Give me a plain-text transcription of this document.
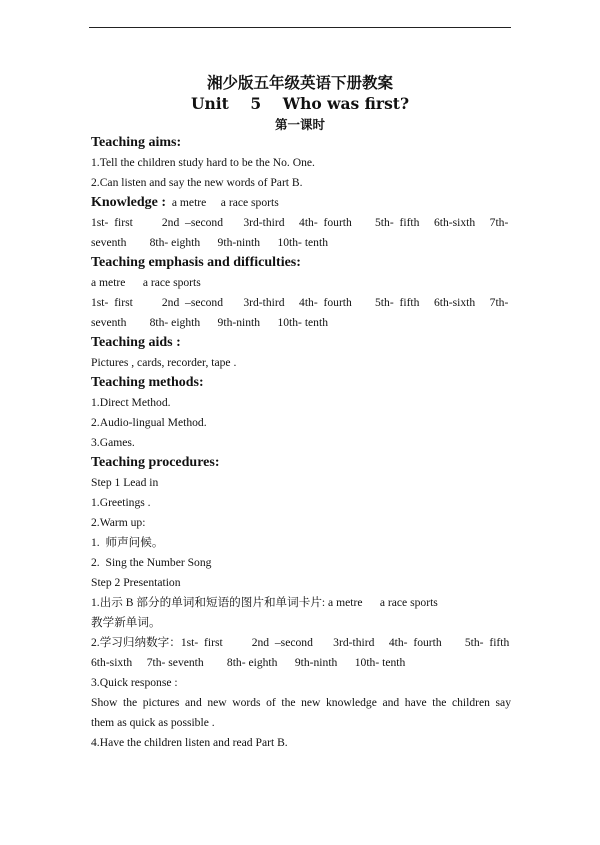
湘少版五年级英语下册教案
Unit    5    Who was first?
第一课时
Teaching aims:
1.Tell the children study hard to be the No. One.
2.Can listen and say the new words of Part B.
Knowledge :  a metre     a race sports
1st-  first          2nd  –second       3rd-third     4th-  fourth        5th-  fifth     6th-sixth     7th-
seventh        8th- eighth      9th-ninth      10th- tenth
Teaching emphasis and difficulties:
a metre      a race sports
1st-  first          2nd  –second       3rd-third     4th-  fourth        5th-  fifth     6th-sixth     7th-
seventh        8th- eighth      9th-ninth      10th- tenth
Teaching aids :
Pictures , cards, recorder, tape .
Teaching methods:
1.Direct Method.
2.Audio-lingual Method.
3.Games.
Teaching procedures:
Step 1 Lead in
1.Greetings .
2.Warm up:
1.  师声问候。
2.  Sing the Number Song
Step 2 Presentation
1.出示 B 部分的单词和短语的图片和单词卡片: a metre      a race sports
教学新单词。
2.学习归纳数字：1st-  first          2nd  –second       3rd-third     4th-  fourth        5th-  fifth
6th-sixth     7th- seventh        8th- eighth      9th-ninth      10th- tenth
3.Quick response :
Show the pictures and new words of the new knowledge and have the children say
them as quick as possible .
4.Have the children listen and read Part B.
